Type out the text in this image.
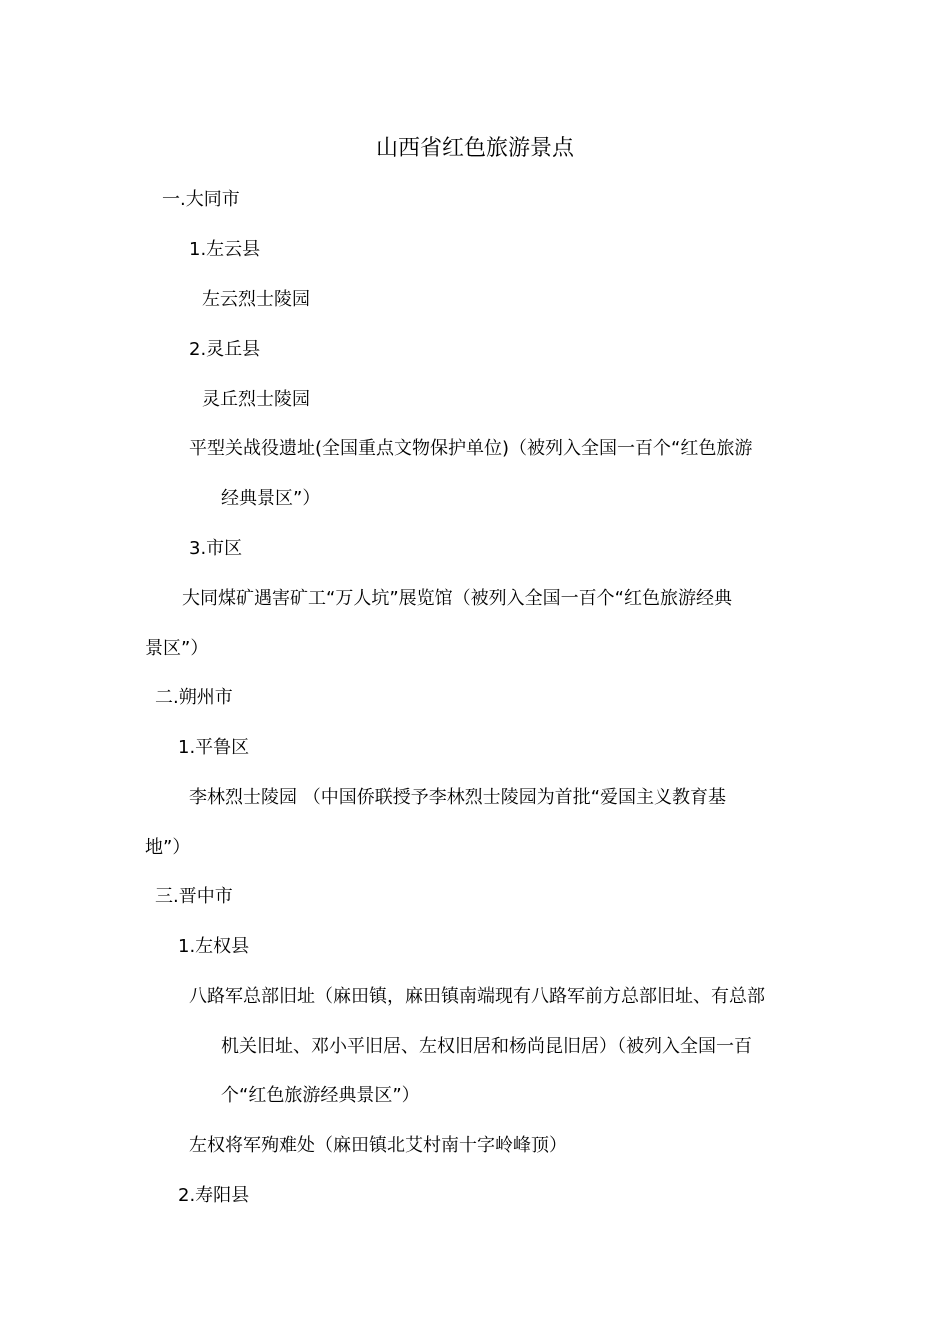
山西省红色旅游景点
一.大同市
1.左云县
左云烈士陵园
2.灵丘县
灵丘烈士陵园
平型关战役遗址(全国重点文物保护单位)（被列入全国一百个“红色旅游
经典景区”）
3.市区
大同煤矿遇害矿工“万人坑”展览馆（被列入全国一百个“红色旅游经典
景区”）
二.朔州市
1.平鲁区
李林烈士陵园 （中国侨联授予李林烈士陵园为首批“爱国主义教育基
地”）
三.晋中市
1.左权县
八路军总部旧址（麻田镇，麻田镇南端现有八路军前方总部旧址、有总部
机关旧址、邓小平旧居、左权旧居和杨尚昆旧居）（被列入全国一百
个“红色旅游经典景区”）
左权将军殉难处（麻田镇北艾村南十字岭峰顶）
2.寿阳县
